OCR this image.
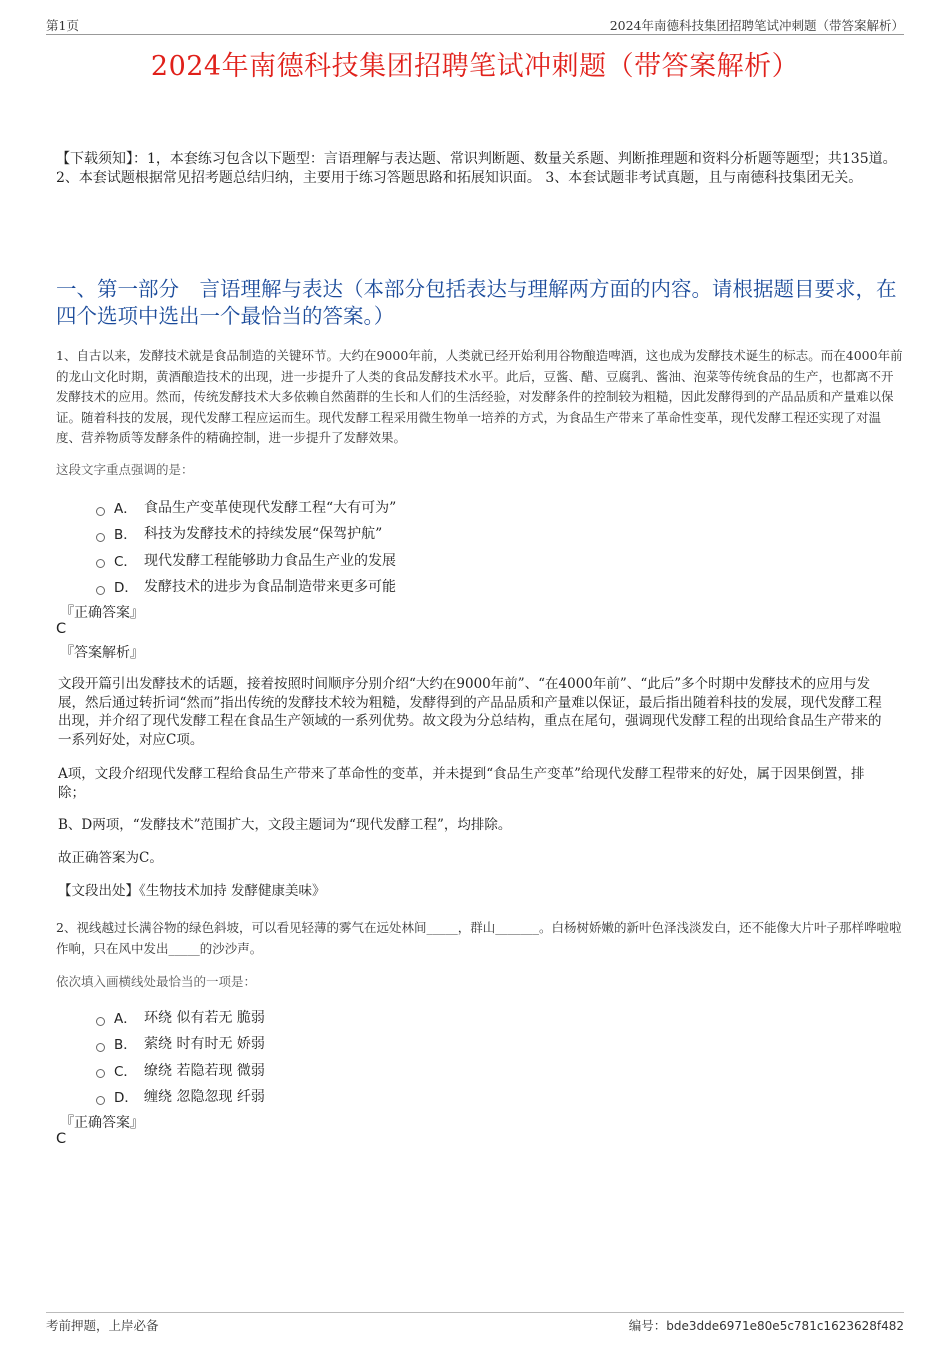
第1页	2024年南德科技集团招聘笔试冲刺题（带答案解析）
2024年南德科技集团招聘笔试冲刺题（带答案解析）

【下载须知】：1，本套练习包含以下题型：言语理解与表达题、常识判断题、数量关系题、判断推理题和资料分析题等题型；共135道。 2、本套试题根据常见招考题总结归纳，主要用于练习答题思路和拓展知识面。 3、本套试题非考试真题，且与南德科技集团无关。

一、第一部分　言语理解与表达（本部分包括表达与理解两方面的内容。请根据题目要求，在四个选项中选出一个最恰当的答案。）

1、自古以来，发酵技术就是食品制造的关键环节。大约在9000年前，人类就已经开始利用谷物酿造啤酒，这也成为发酵技术诞生的标志。而在4000年前的龙山文化时期，黄酒酿造技术的出现，进一步提升了人类的食品发酵技术水平。此后，豆酱、醋、豆腐乳、酱油、泡菜等传统食品的生产，也都离不开发酵技术的应用。然而，传统发酵技术大多依赖自然菌群的生长和人们的生活经验，对发酵条件的控制较为粗糙，因此发酵得到的产品品质和产量难以保证。随着科技的发展，现代发酵工程应运而生。现代发酵工程采用微生物单一培养的方式，为食品生产带来了革命性变革，现代发酵工程还实现了对温度、营养物质等发酵条件的精确控制，进一步提升了发酵效果。

这段文字重点强调的是：

A． 食品生产变革使现代发酵工程“大有可为”
B． 科技为发酵技术的持续发展“保驾护航”
C． 现代发酵工程能够助力食品生产业的发展
D． 发酵技术的进步为食品制造带来更多可能
『正确答案』
C
『答案解析』

文段开篇引出发酵技术的话题，接着按照时间顺序分别介绍“大约在9000年前”、“在4000年前”、“此后”多个时期中发酵技术的应用与发展，然后通过转折词“然而”指出传统的发酵技术较为粗糙，发酵得到的产品品质和产量难以保证，最后指出随着科技的发展，现代发酵工程出现，并介绍了现代发酵工程在食品生产领域的一系列优势。故文段为分总结构，重点在尾句，强调现代发酵工程的出现给食品生产带来的一系列好处，对应C项。

A项，文段介绍现代发酵工程给食品生产带来了革命性的变革，并未提到“食品生产变革”给现代发酵工程带来的好处，属于因果倒置，排除；

B、D两项，“发酵技术”范围扩大，文段主题词为“现代发酵工程”，均排除。

故正确答案为C。

【文段出处】《生物技术加持 发酵健康美味》

2、视线越过长满谷物的绿色斜坡，可以看见轻薄的雾气在远处林间_____，群山_______。白杨树娇嫩的新叶色泽浅淡发白，还不能像大片叶子那样哗啦啦作响，只在风中发出_____的沙沙声。

依次填入画横线处最恰当的一项是：

A． 环绕 似有若无 脆弱
B． 萦绕 时有时无 娇弱
C． 缭绕 若隐若现 微弱
D． 缠绕 忽隐忽现 纤弱
『正确答案』
C
考前押题，上岸必备	编号：bde3dde6971e80e5c781c1623628f482
